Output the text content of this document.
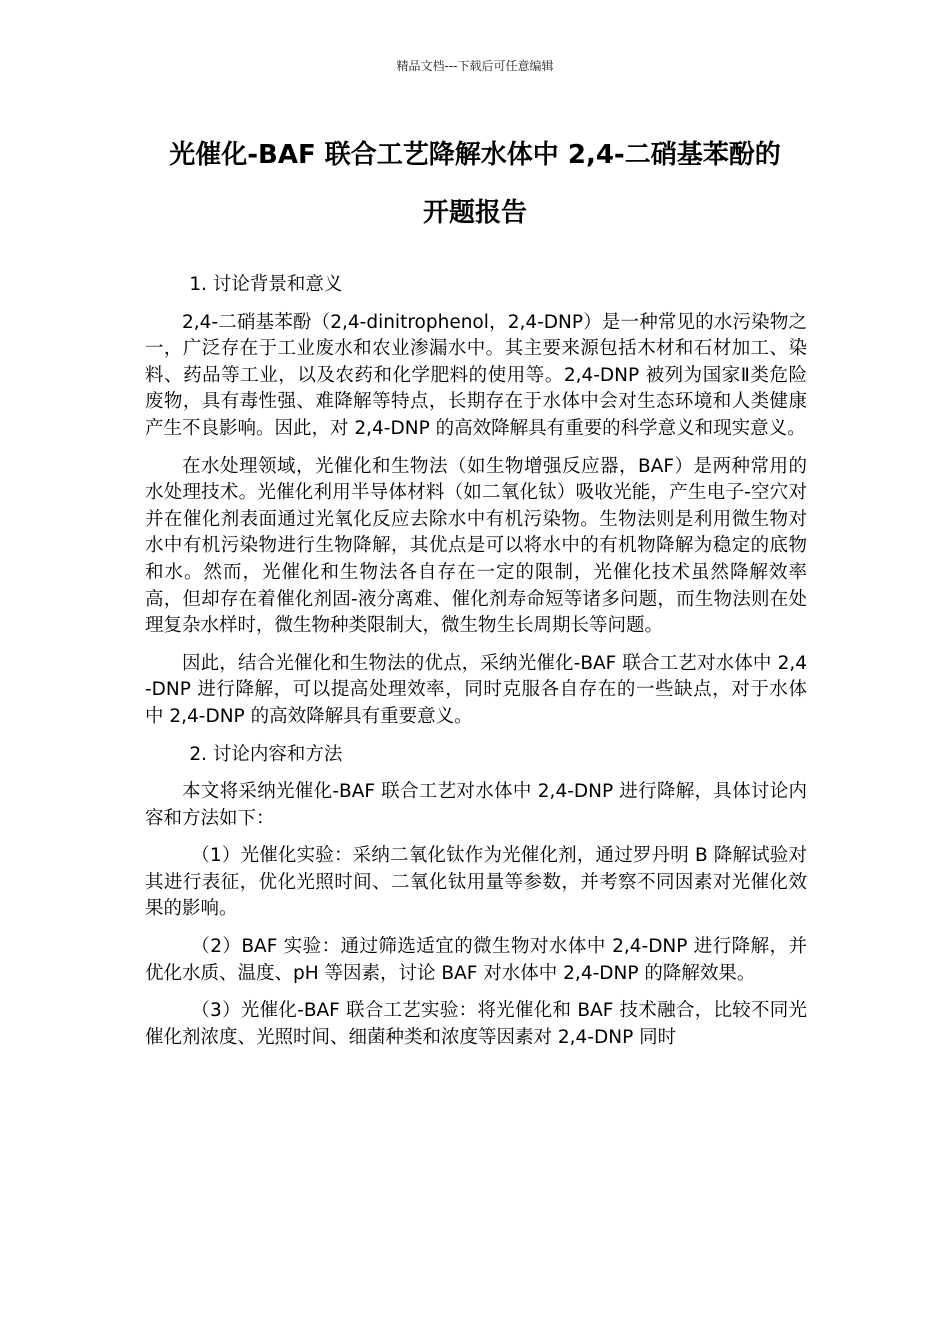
精品文档---下载后可任意编辑
光催化-BAF 联合工艺降解水体中 2,4-二硝基苯酚的
开题报告

1. 讨论背景和意义

2,4-二硝基苯酚（2,4-dinitrophenol，2,4-DNP）是一种常见的水污染物之一，广泛存在于工业废水和农业渗漏水中。其主要来源包括木材和石材加工、染料、药品等工业，以及农药和化学肥料的使用等。2,4-DNP 被列为国家Ⅱ类危险废物，具有毒性强、难降解等特点，长期存在于水体中会对生态环境和人类健康产生不良影响。因此，对 2,4-DNP 的高效降解具有重要的科学意义和现实意义。

在水处理领域，光催化和生物法（如生物增强反应器，BAF）是两种常用的水处理技术。光催化利用半导体材料（如二氧化钛）吸收光能，产生电子-空穴对并在催化剂表面通过光氧化反应去除水中有机污染物。生物法则是利用微生物对水中有机污染物进行生物降解，其优点是可以将水中的有机物降解为稳定的底物和水。然而，光催化和生物法各自存在一定的限制，光催化技术虽然降解效率高，但却存在着催化剂固-液分离难、催化剂寿命短等诸多问题，而生物法则在处理复杂水样时，微生物种类限制大，微生物生长周期长等问题。

因此，结合光催化和生物法的优点，采纳光催化-BAF 联合工艺对水体中 2,4-DNP 进行降解，可以提高处理效率，同时克服各自存在的一些缺点，对于水体中 2,4-DNP 的高效降解具有重要意义。

2. 讨论内容和方法

本文将采纳光催化-BAF 联合工艺对水体中 2,4-DNP 进行降解，具体讨论内容和方法如下：

（1）光催化实验：采纳二氧化钛作为光催化剂，通过罗丹明 B 降解试验对其进行表征，优化光照时间、二氧化钛用量等参数，并考察不同因素对光催化效果的影响。

（2）BAF 实验：通过筛选适宜的微生物对水体中 2,4-DNP 进行降解，并优化水质、温度、pH 等因素，讨论 BAF 对水体中 2,4-DNP 的降解效果。

（3）光催化-BAF 联合工艺实验：将光催化和 BAF 技术融合，比较不同光催化剂浓度、光照时间、细菌种类和浓度等因素对 2,4-DNP 同时
